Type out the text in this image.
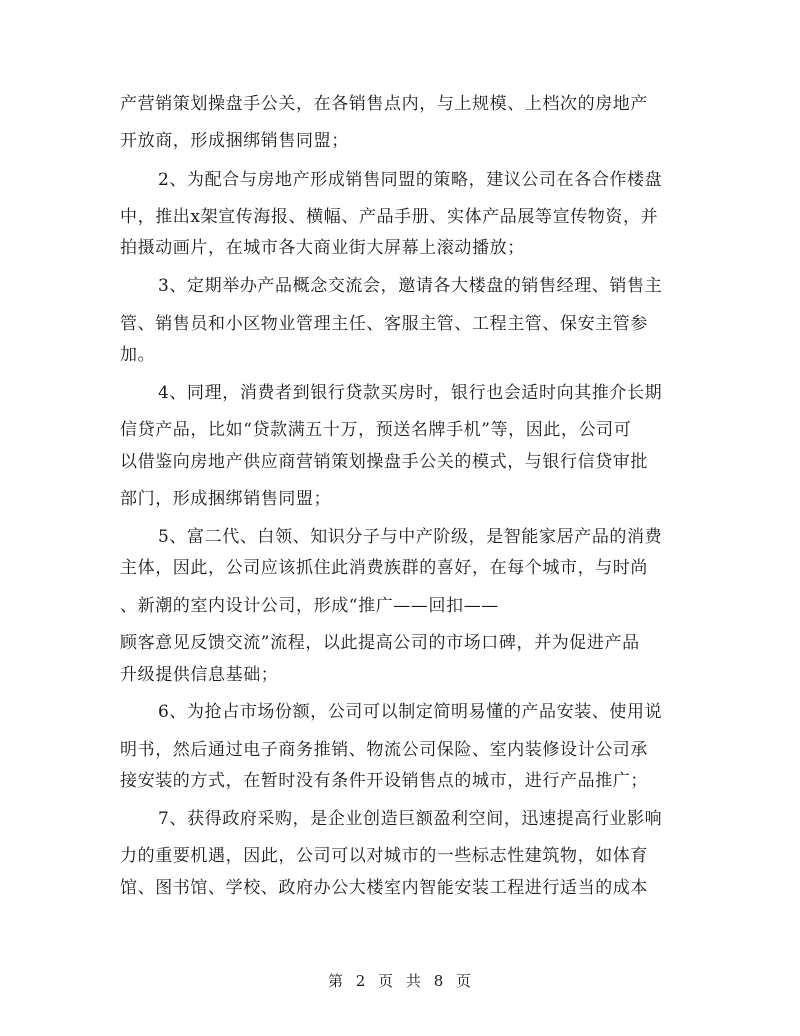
产营销策划操盘手公关，在各销售点内，与上规模、上档次的房地产
开放商，形成捆绑销售同盟；
2、为配合与房地产形成销售同盟的策略，建议公司在各合作楼盘
中，推出x架宣传海报、横幅、产品手册、实体产品展等宣传物资，并
拍摄动画片，在城市各大商业街大屏幕上滚动播放；
3、定期举办产品概念交流会，邀请各大楼盘的销售经理、销售主
管、销售员和小区物业管理主任、客服主管、工程主管、保安主管参
加。
4、同理，消费者到银行贷款买房时，银行也会适时向其推介长期
信贷产品，比如“贷款满五十万，预送名牌手机”等，因此，公司可
以借鉴向房地产供应商营销策划操盘手公关的模式，与银行信贷审批
部门，形成捆绑销售同盟；
5、富二代、白领、知识分子与中产阶级，是智能家居产品的消费
主体，因此，公司应该抓住此消费族群的喜好，在每个城市，与时尚
、新潮的室内设计公司，形成“推广——回扣——
顾客意见反馈交流”流程，以此提高公司的市场口碑，并为促进产品
升级提供信息基础；
6、为抢占市场份额，公司可以制定简明易懂的产品安装、使用说
明书，然后通过电子商务推销、物流公司保险、室内装修设计公司承
接安装的方式，在暂时没有条件开设销售点的城市，进行产品推广；
7、获得政府采购，是企业创造巨额盈利空间，迅速提高行业影响
力的重要机遇，因此，公司可以对城市的一些标志性建筑物，如体育
馆、图书馆、学校、政府办公大楼室内智能安装工程进行适当的成本
第 2 页 共 8 页
